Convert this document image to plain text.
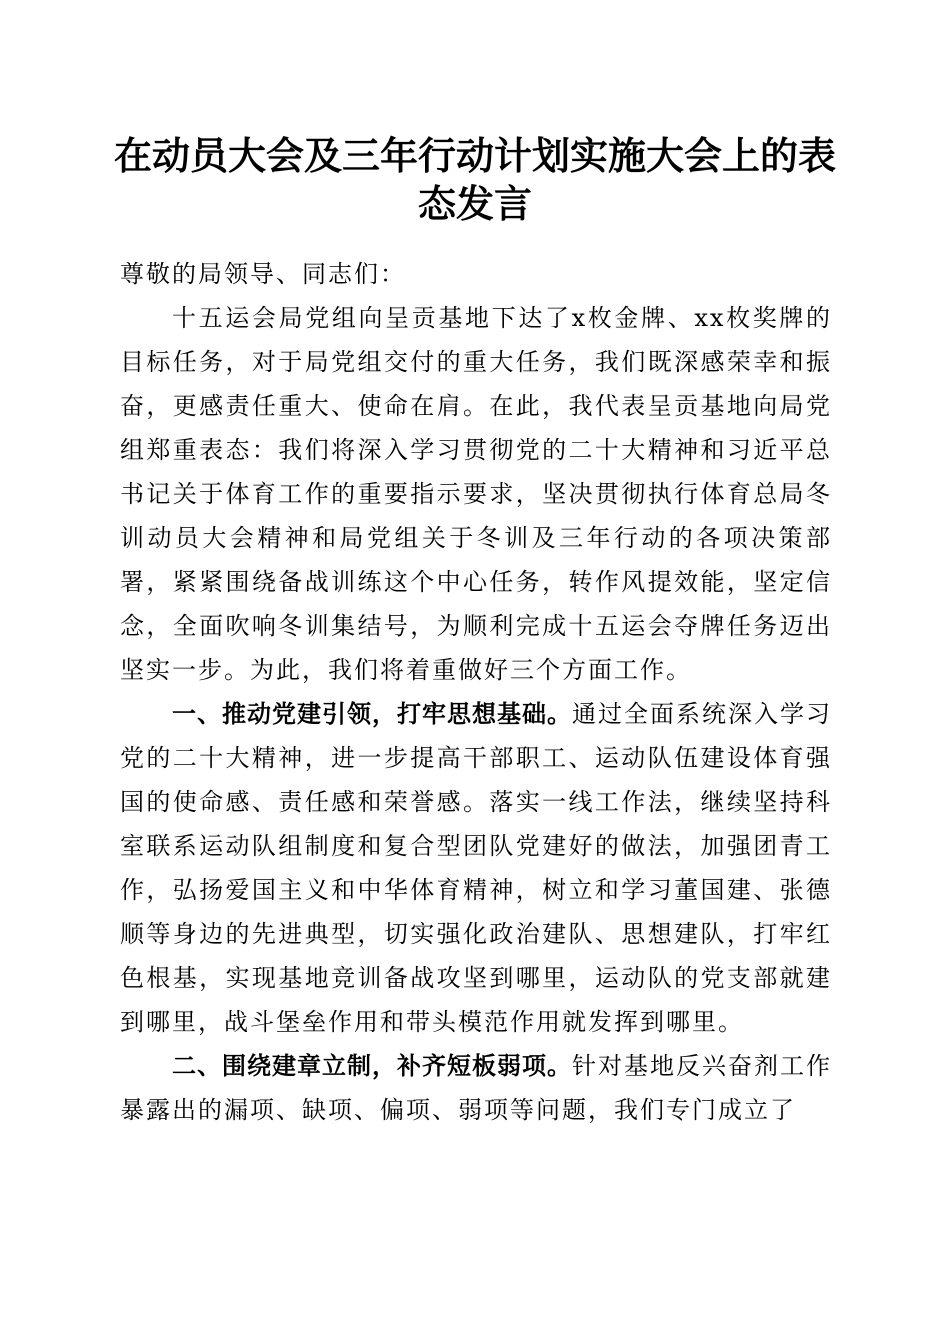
在动员大会及三年行动计划实施大会上的表态发言

尊敬的局领导、同志们：

十五运会局党组向呈贡基地下达了x枚金牌、xx枚奖牌的目标任务，对于局党组交付的重大任务，我们既深感荣幸和振奋，更感责任重大、使命在肩。在此，我代表呈贡基地向局党组郑重表态：我们将深入学习贯彻党的二十大精神和习近平总书记关于体育工作的重要指示要求，坚决贯彻执行体育总局冬训动员大会精神和局党组关于冬训及三年行动的各项决策部署，紧紧围绕备战训练这个中心任务，转作风提效能，坚定信念，全面吹响冬训集结号，为顺利完成十五运会夺牌任务迈出坚实一步。为此，我们将着重做好三个方面工作。

一、推动党建引领，打牢思想基础。通过全面系统深入学习党的二十大精神，进一步提高干部职工、运动队伍建设体育强国的使命感、责任感和荣誉感。落实一线工作法，继续坚持科室联系运动队组制度和复合型团队党建好的做法，加强团青工作，弘扬爱国主义和中华体育精神，树立和学习董国建、张德顺等身边的先进典型，切实强化政治建队、思想建队，打牢红色根基，实现基地竞训备战攻坚到哪里，运动队的党支部就建到哪里，战斗堡垒作用和带头模范作用就发挥到哪里。

二、围绕建章立制，补齐短板弱项。针对基地反兴奋剂工作暴露出的漏项、缺项、偏项、弱项等问题，我们专门成立了
